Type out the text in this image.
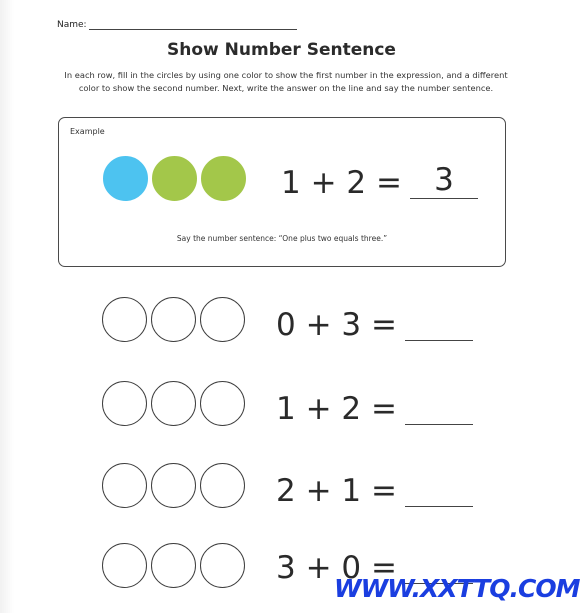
Name:
Show Number Sentence
In each row, fill in the circles by using one color to show the first number in the expression, and a different color to show the second number. Next, write the answer on the line and say the number sentence.
Example
1 + 2 =

	3

Say the number sentence: “One plus two equals three.”
0 + 3 =
1 + 2 =
2 + 1 =
3 + 0 =
WWW.XXTTQ.COM
